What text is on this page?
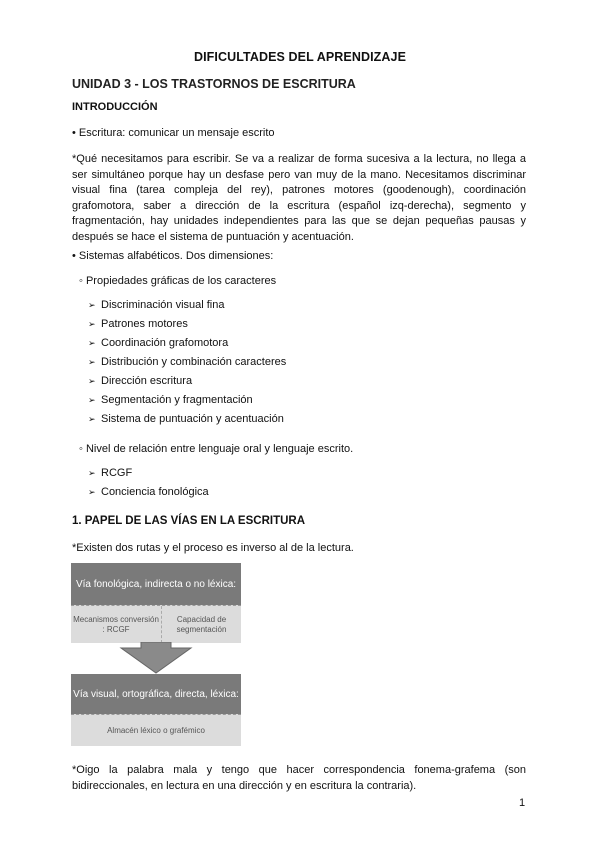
DIFICULTADES DEL APRENDIZAJE
UNIDAD 3 - LOS TRASTORNOS DE ESCRITURA
INTRODUCCIÓN
• Escritura: comunicar un mensaje escrito
*Qué necesitamos para escribir. Se va a realizar de forma sucesiva a la lectura, no llega a
ser simultáneo porque hay un desfase pero van muy de la mano. Necesitamos discriminar
visual fina (tarea compleja del rey), patrones motores (goodenough), coordinación
grafomotora, saber a dirección de la escritura (español izq-derecha), segmento y
fragmentación, hay unidades independientes para las que se dejan pequeñas pausas y
después se hace el sistema de puntuación y acentuación.
• Sistemas alfabéticos. Dos dimensiones:
◦ Propiedades gráficas de los caracteres
➢ Discriminación visual fina
➢ Patrones motores
➢ Coordinación grafomotora
➢ Distribución y combinación caracteres
➢ Dirección escritura
➢ Segmentación y fragmentación
➢ Sistema de puntuación y acentuación
◦ Nivel de relación entre lenguaje oral y lenguaje escrito.
➢ RCGF
➢ Conciencia fonológica
1. PAPEL DE LAS VÍAS EN LA ESCRITURA
*Existen dos rutas y el proceso es inverso al de la lectura.
Vía fonológica, indirecta o no léxica:
Mecanismos conversión : RCGF
Capacidad de segmentación
Vía visual, ortográfica, directa, léxica:
Almacén léxico o grafémico
*Oigo la palabra mala y tengo que hacer correspondencia fonema-grafema (son
bidireccionales, en lectura en una dirección y en escritura la contraria).
1
